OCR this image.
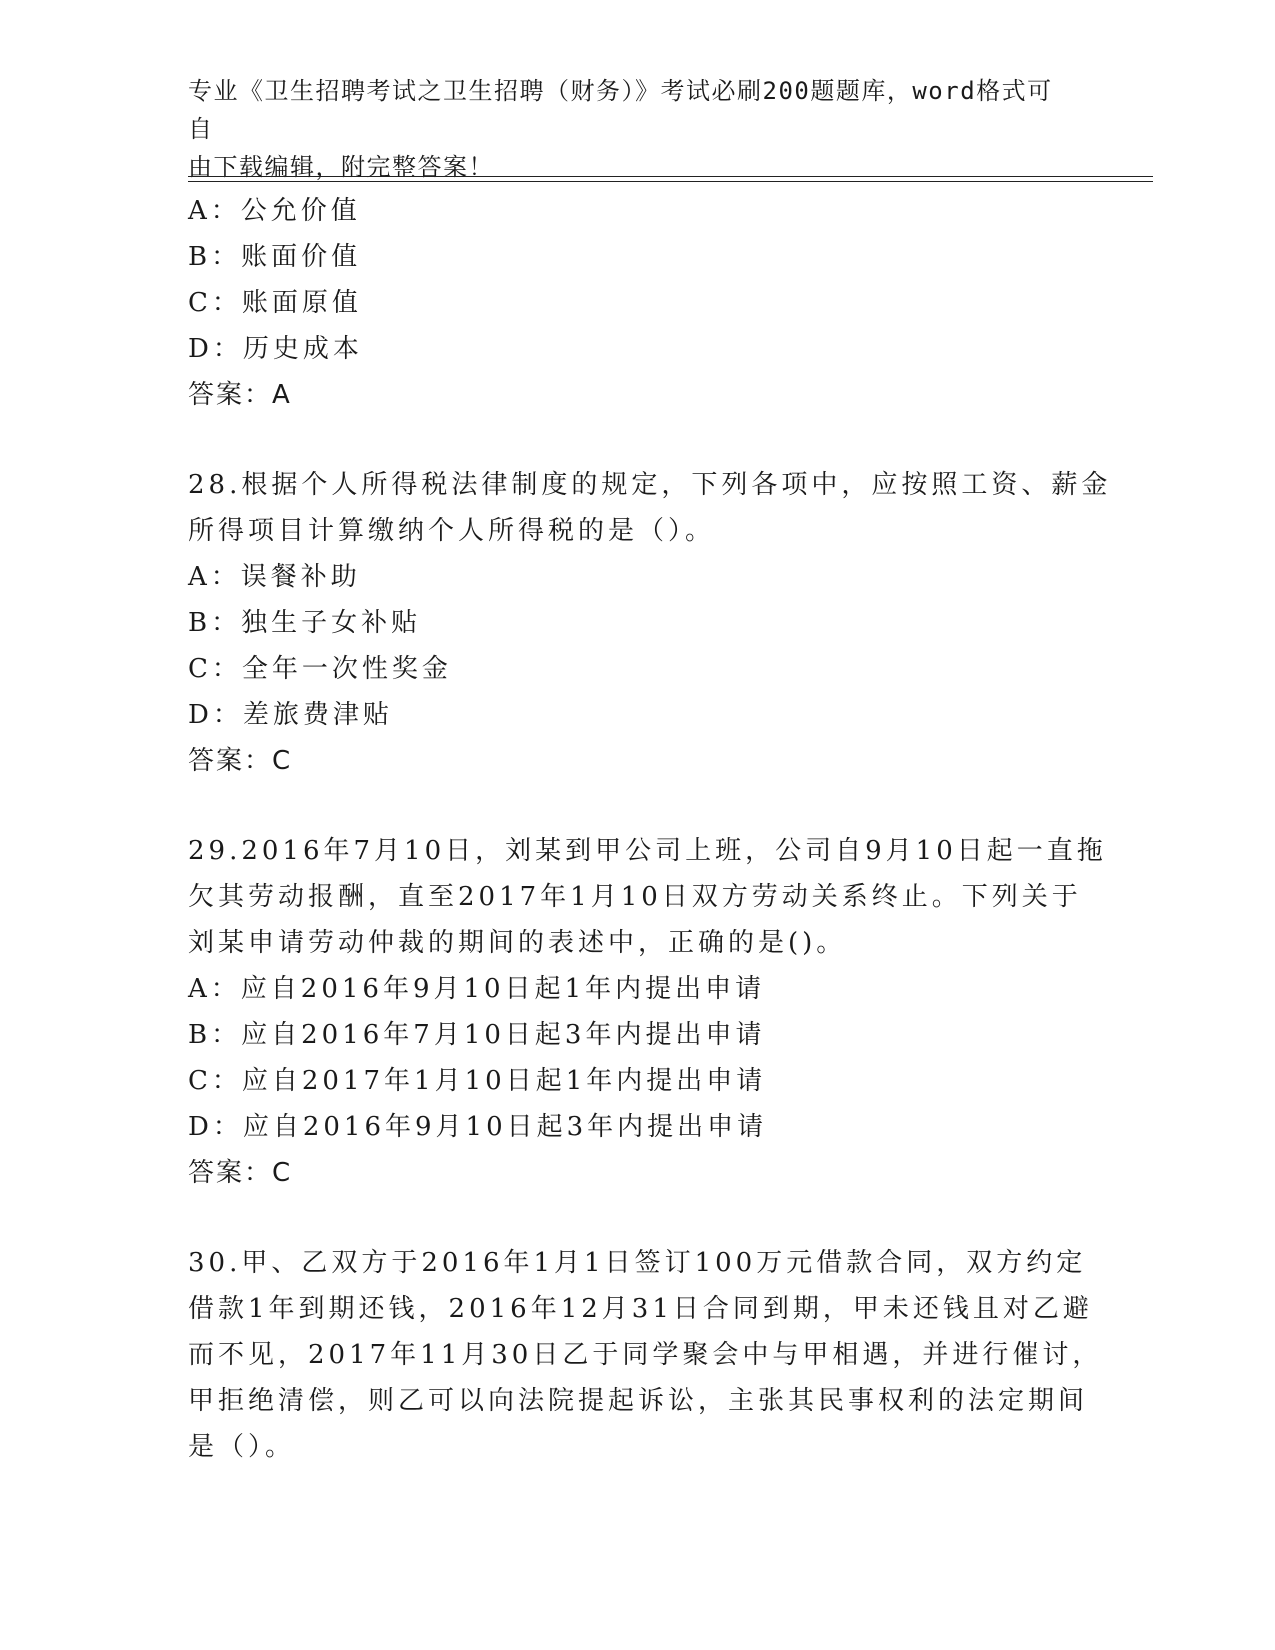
专业《卫生招聘考试之卫生招聘（财务）》考试必刷200题题库，word格式可自
由下载编辑，附完整答案！
A：公允价值
B：账面价值
C：账面原值
D：历史成本
答案：A
28.根据个人所得税法律制度的规定，下列各项中，应按照工资、薪金
所得项目计算缴纳个人所得税的是（）。
A：误餐补助
B：独生子女补贴
C：全年一次性奖金
D：差旅费津贴
答案：C
29.2016年7月10日，刘某到甲公司上班，公司自9月10日起一直拖
欠其劳动报酬，直至2017年1月10日双方劳动关系终止。下列关于
刘某申请劳动仲裁的期间的表述中，正确的是()。
A：应自2016年9月10日起1年内提出申请
B：应自2016年7月10日起3年内提出申请
C：应自2017年1月10日起1年内提出申请
D：应自2016年9月10日起3年内提出申请
答案：C
30.甲、乙双方于2016年1月1日签订100万元借款合同，双方约定
借款1年到期还钱，2016年12月31日合同到期，甲未还钱且对乙避
而不见，2017年11月30日乙于同学聚会中与甲相遇，并进行催讨，
甲拒绝清偿，则乙可以向法院提起诉讼，主张其民事权利的法定期间
是（）。
